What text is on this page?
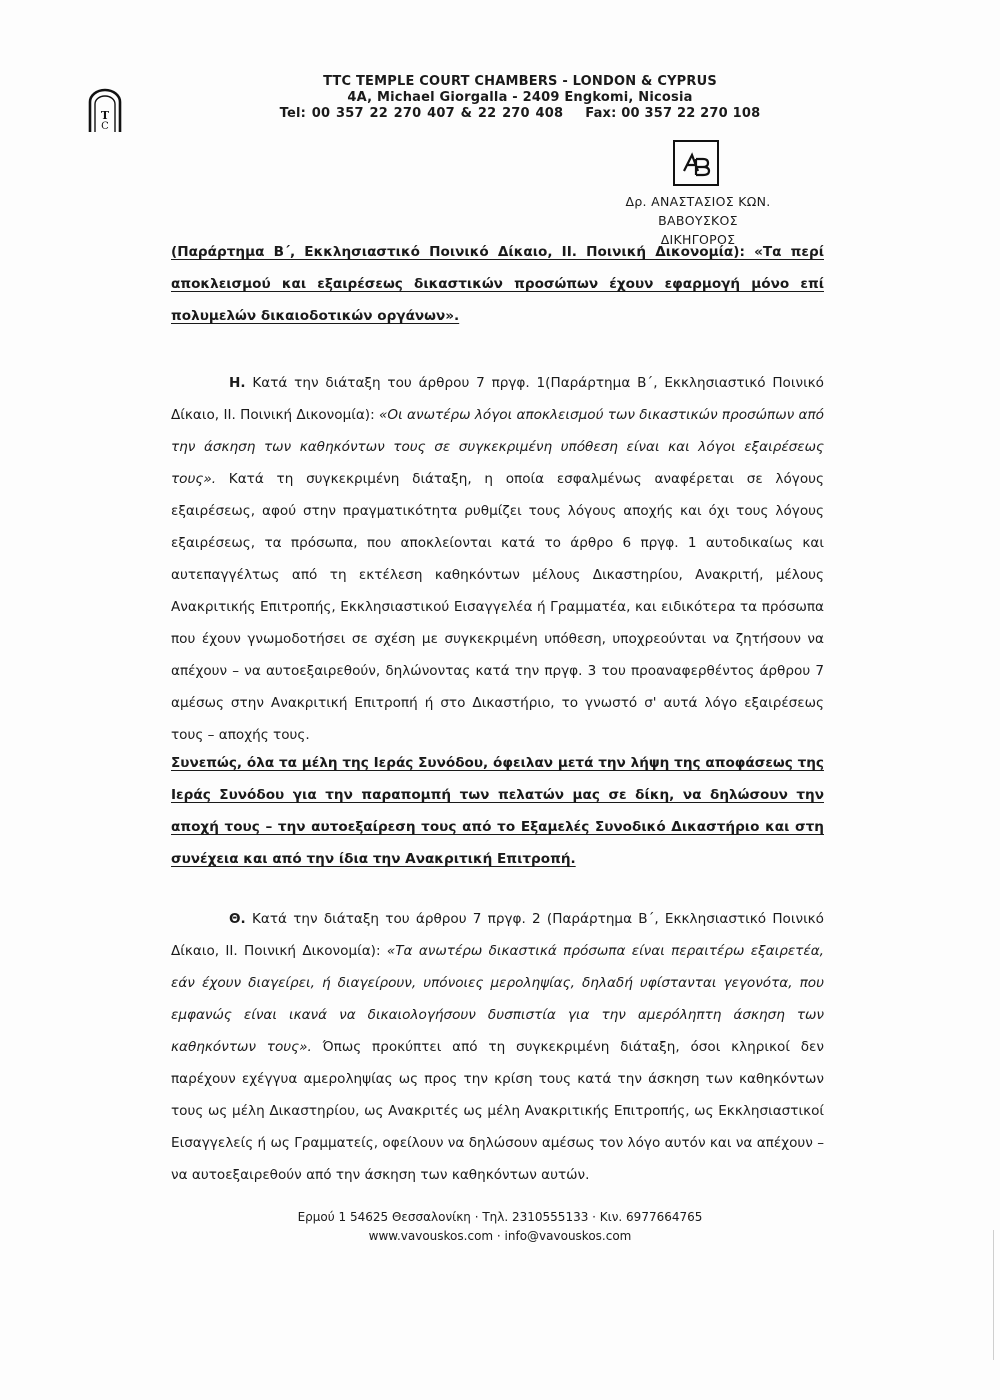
T
C
TTC TEMPLE COURT CHAMBERS - LONDON & CYPRUS
4A, Michael Giorgalla - 2409 Engkomi, Nicosia
Tel: 00 357 22 270 407 & 22 270 408 Fax: 00 357 22 270 108
Δρ. ΑΝΑΣΤΑΣΙΟΣ ΚΩΝ. ΒΑΒΟΥΣΚΟΣ
ΔΙΚΗΓΟΡΟΣ
(Παράρτημα Β΄, Εκκλησιαστικό Ποινικό Δίκαιο, ΙΙ. Ποινική Δικονομία): «Τα περί αποκλεισμού και εξαιρέσεως δικαστικών προσώπων έχουν εφαρμογή μόνο επί πολυμελών δικαιοδοτικών οργάνων».
Η. Κατά την διάταξη του άρθρου 7 πργφ. 1(Παράρτημα Β΄, Εκκλησιαστικό Ποινικό Δίκαιο, ΙΙ. Ποινική Δικονομία): «Οι ανωτέρω λόγοι αποκλεισμού των δικαστικών προσώπων από την άσκηση των καθηκόντων τους σε συγκεκριμένη υπόθεση είναι και λόγοι εξαιρέσεως τους». Κατά τη συγκεκριμένη διάταξη, η οποία εσφαλμένως αναφέρεται σε λόγους εξαιρέσεως, αφού στην πραγματικότητα ρυθμίζει τους λόγους αποχής και όχι τους λόγους εξαιρέσεως, τα πρόσωπα, που αποκλείονται κατά το άρθρο 6 πργφ. 1 αυτοδικαίως και αυτεπαγγέλτως από τη εκτέλεση καθηκόντων μέλους Δικαστηρίου, Ανακριτή, μέλους Ανακριτικής Επιτροπής, Εκκλησιαστικού Εισαγγελέα ή Γραμματέα, και ειδικότερα τα πρόσωπα που έχουν γνωμοδοτήσει σε σχέση με συγκεκριμένη υπόθεση, υποχρεούνται να ζητήσουν να απέχουν – να αυτοεξαιρεθούν, δηλώνοντας κατά την πργφ. 3 του προαναφερθέντος άρθρου 7 αμέσως στην Ανακριτική Επιτροπή ή στο Δικαστήριο, το γνωστό σ' αυτά λόγο εξαιρέσεως τους – αποχής τους.
Συνεπώς, όλα τα μέλη της Ιεράς Συνόδου, όφειλαν μετά την λήψη της αποφάσεως της Ιεράς Συνόδου για την παραπομπή των πελατών μας σε δίκη, να δηλώσουν την αποχή τους – την αυτοεξαίρεση τους από το Εξαμελές Συνοδικό Δικαστήριο και στη συνέχεια και από την ίδια την Ανακριτική Επιτροπή.
Θ. Κατά την διάταξη του άρθρου 7 πργφ. 2 (Παράρτημα Β΄, Εκκλησιαστικό Ποινικό Δίκαιο, ΙΙ. Ποινική Δικονομία): «Τα ανωτέρω δικαστικά πρόσωπα είναι περαιτέρω εξαιρετέα, εάν έχουν διαγείρει, ή διαγείρουν, υπόνοιες μεροληψίας, δηλαδή υφίστανται γεγονότα, που εμφανώς είναι ικανά να δικαιολογήσουν δυσπιστία για την αμερόληπτη άσκηση των καθηκόντων τους». Όπως προκύπτει από τη συγκεκριμένη διάταξη, όσοι κληρικοί δεν παρέχουν εχέγγυα αμεροληψίας ως προς την κρίση τους κατά την άσκηση των καθηκόντων τους ως μέλη Δικαστηρίου, ως Ανακριτές ως μέλη Ανακριτικής Επιτροπής, ως Εκκλησιαστικοί Εισαγγελείς ή ως Γραμματείς, οφείλουν να δηλώσουν αμέσως τον λόγο αυτόν και να απέχουν – να αυτοεξαιρεθούν από την άσκηση των καθηκόντων αυτών.
Ερμού 1 54625 Θεσσαλονίκη · Τηλ. 2310555133 · Κιν. 6977664765
www.vavouskos.com · info@vavouskos.com
